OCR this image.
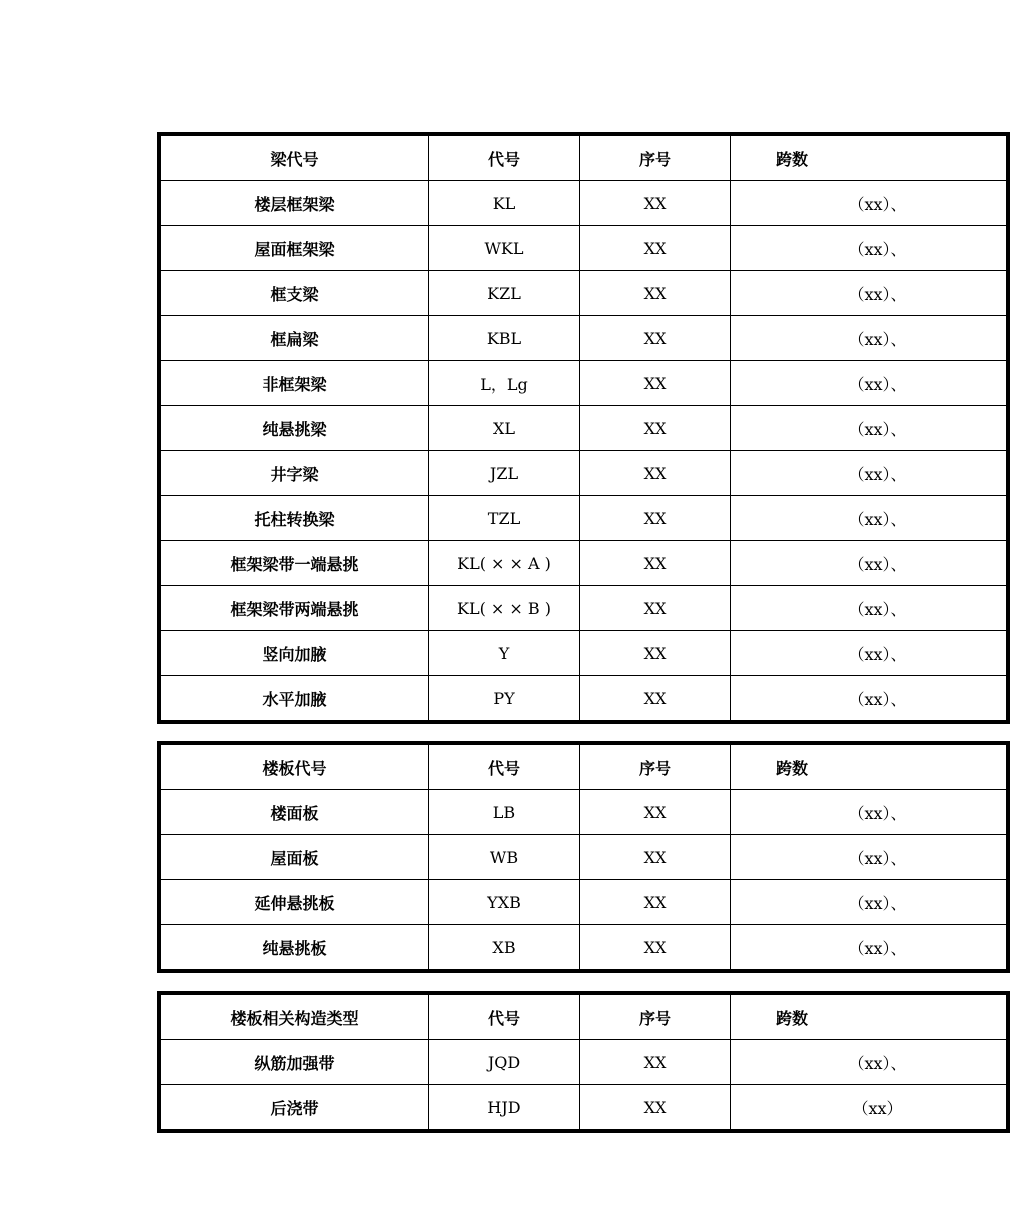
梁代号	代号	序号	跨数
楼层框架梁	KL	XX	（xx）、
屋面框架梁	WKL	XX	（xx）、
框支梁	KZL	XX	（xx）、
框扁梁	KBL	XX	（xx）、
非框架梁	L，Lg	XX	（xx）、
纯悬挑梁	XL	XX	（xx）、
井字梁	JZL	XX	（xx）、
托柱转换梁	TZL	XX	（xx）、
框架梁带一端悬挑	KL( × × A )	XX	（xx）、
框架梁带两端悬挑	KL( × × B )	XX	（xx）、
竖向加腋	Y	XX	（xx）、
水平加腋	PY	XX	（xx）、
楼板代号	代号	序号	跨数
楼面板	LB	XX	（xx）、
屋面板	WB	XX	（xx）、
延伸悬挑板	YXB	XX	（xx）、
纯悬挑板	XB	XX	（xx）、
楼板相关构造类型	代号	序号	跨数
纵筋加强带	JQD	XX	（xx）、
后浇带	HJD	XX	（xx）
